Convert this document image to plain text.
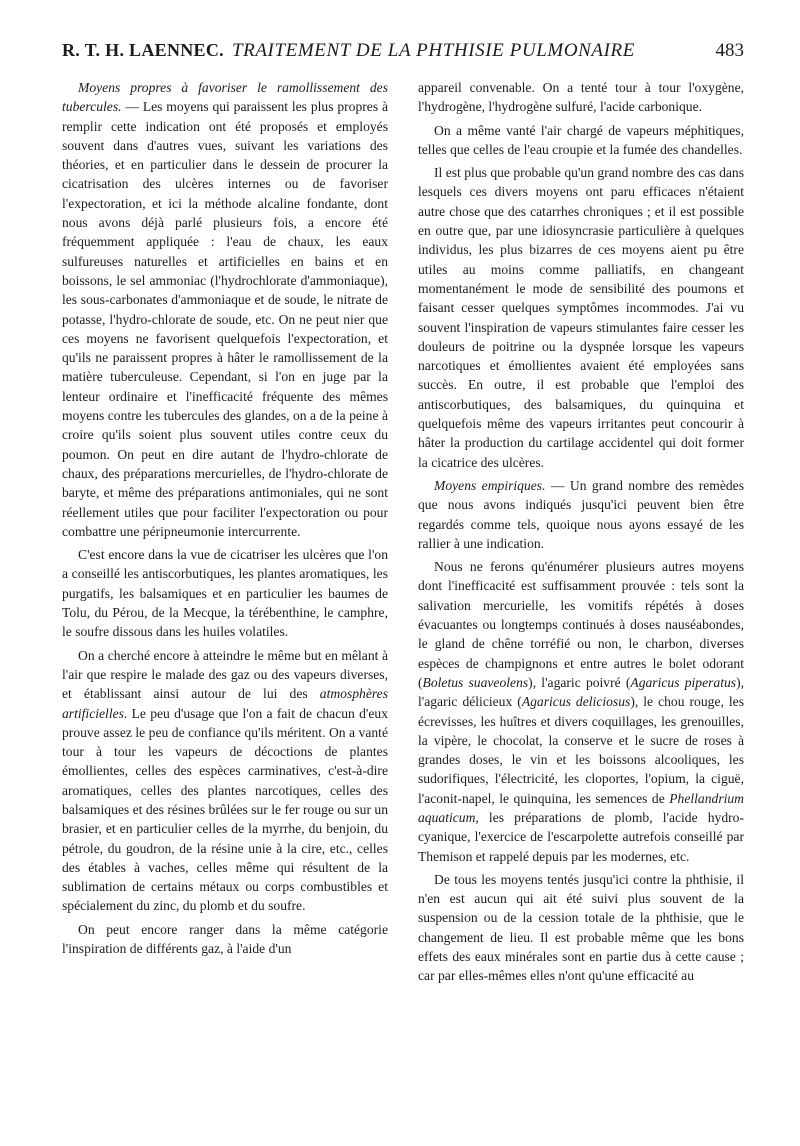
R. T. H. LAENNEC. TRAITEMENT DE LA PHTHISIE PULMONAIRE	483

Moyens propres à favoriser le ramollissement des tubercules. — Les moyens qui paraissent les plus propres à remplir cette indication ont été proposés et employés souvent dans d'autres vues, suivant les variations des théories, et en particulier dans le dessein de procurer la cicatrisation des ulcères internes ou de favoriser l'expectoration, et ici la méthode alcaline fondante, dont nous avons déjà parlé plusieurs fois, a encore été fréquemment appliquée : l'eau de chaux, les eaux sulfureuses naturelles et artificielles en bains et en boissons, le sel ammoniac (l'hydrochlorate d'ammoniaque), les sous-carbonates d'ammoniaque et de soude, le nitrate de potasse, l'hydro-chlorate de soude, etc. On ne peut nier que ces moyens ne favorisent quelquefois l'expectoration, et qu'ils ne paraissent propres à hâter le ramollissement de la matière tuberculeuse. Cependant, si l'on en juge par la lenteur ordinaire et l'inefficacité fréquente des mêmes moyens contre les tubercules des glandes, on a de la peine à croire qu'ils soient plus souvent utiles contre ceux du poumon. On peut en dire autant de l'hydro-chlorate de chaux, des préparations mercurielles, de l'hydro-chlorate de baryte, et même des préparations antimoniales, qui ne sont réellement utiles que pour faciliter l'expectoration ou pour combattre une péripneumonie intercurrente.

C'est encore dans la vue de cicatriser les ulcères que l'on a conseillé les antiscorbutiques, les plantes aromatiques, les purgatifs, les balsamiques et en particulier les baumes de Tolu, du Pérou, de la Mecque, la térébenthine, le camphre, le soufre dissous dans les huiles volatiles.

On a cherché encore à atteindre le même but en mêlant à l'air que respire le malade des gaz ou des vapeurs diverses, et établissant ainsi autour de lui des atmosphères artificielles. Le peu d'usage que l'on a fait de chacun d'eux prouve assez le peu de confiance qu'ils méritent. On a vanté tour à tour les vapeurs de décoctions de plantes émollientes, celles des espèces carminatives, c'est-à-dire aromatiques, celles des plantes narcotiques, celles des balsamiques et des résines brûlées sur le fer rouge ou sur un brasier, et en particulier celles de la myrrhe, du benjoin, du pétrole, du goudron, de la résine unie à la cire, etc., celles des étables à vaches, celles même qui résultent de la sublimation de certains métaux ou corps combustibles et spécialement du zinc, du plomb et du soufre.

On peut encore ranger dans la même catégorie l'inspiration de différents gaz, à l'aide d'un

appareil convenable. On a tenté tour à tour l'oxygène, l'hydrogène, l'hydrogène sulfuré, l'acide carbonique.

On a même vanté l'air chargé de vapeurs méphitiques, telles que celles de l'eau croupie et la fumée des chandelles.

Il est plus que probable qu'un grand nombre des cas dans lesquels ces divers moyens ont paru efficaces n'étaient autre chose que des catarrhes chroniques ; et il est possible en outre que, par une idiosyncrasie particulière à quelques individus, les plus bizarres de ces moyens aient pu être utiles au moins comme palliatifs, en changeant momentanément le mode de sensibilité des poumons et faisant cesser quelques symptômes incommodes. J'ai vu souvent l'inspiration de vapeurs stimulantes faire cesser les douleurs de poitrine ou la dyspnée lorsque les vapeurs narcotiques et émollientes avaient été employées sans succès. En outre, il est probable que l'emploi des antiscorbutiques, des balsamiques, du quinquina et quelquefois même des vapeurs irritantes peut concourir à hâter la production du cartilage accidentel qui doit former la cicatrice des ulcères.

Moyens empiriques. — Un grand nombre des remèdes que nous avons indiqués jusqu'ici peuvent bien être regardés comme tels, quoique nous ayons essayé de les rallier à une indication.

Nous ne ferons qu'énumérer plusieurs autres moyens dont l'inefficacité est suffisamment prouvée : tels sont la salivation mercurielle, les vomitifs répétés à doses évacuantes ou longtemps continués à doses nauséabondes, le gland de chêne torréfié ou non, le charbon, diverses espèces de champignons et entre autres le bolet odorant (Boletus suaveolens), l'agaric poivré (Agaricus piperatus), l'agaric délicieux (Agaricus deliciosus), le chou rouge, les écrevisses, les huîtres et divers coquillages, les grenouilles, la vipère, le chocolat, la conserve et le sucre de roses à grandes doses, le vin et les boissons alcooliques, les sudorifiques, l'électricité, les cloportes, l'opium, la ciguë, l'aconit-napel, le quinquina, les semences de Phellandrium aquaticum, les préparations de plomb, l'acide hydro-cyanique, l'exercice de l'escarpolette autrefois conseillé par Themison et rappelé depuis par les modernes, etc.

De tous les moyens tentés jusqu'ici contre la phthisie, il n'en est aucun qui ait été suivi plus souvent de la suspension ou de la cession totale de la phthisie, que le changement de lieu. Il est probable même que les bons effets des eaux minérales sont en partie dus à cette cause ; car par elles-mêmes elles n'ont qu'une efficacité au
